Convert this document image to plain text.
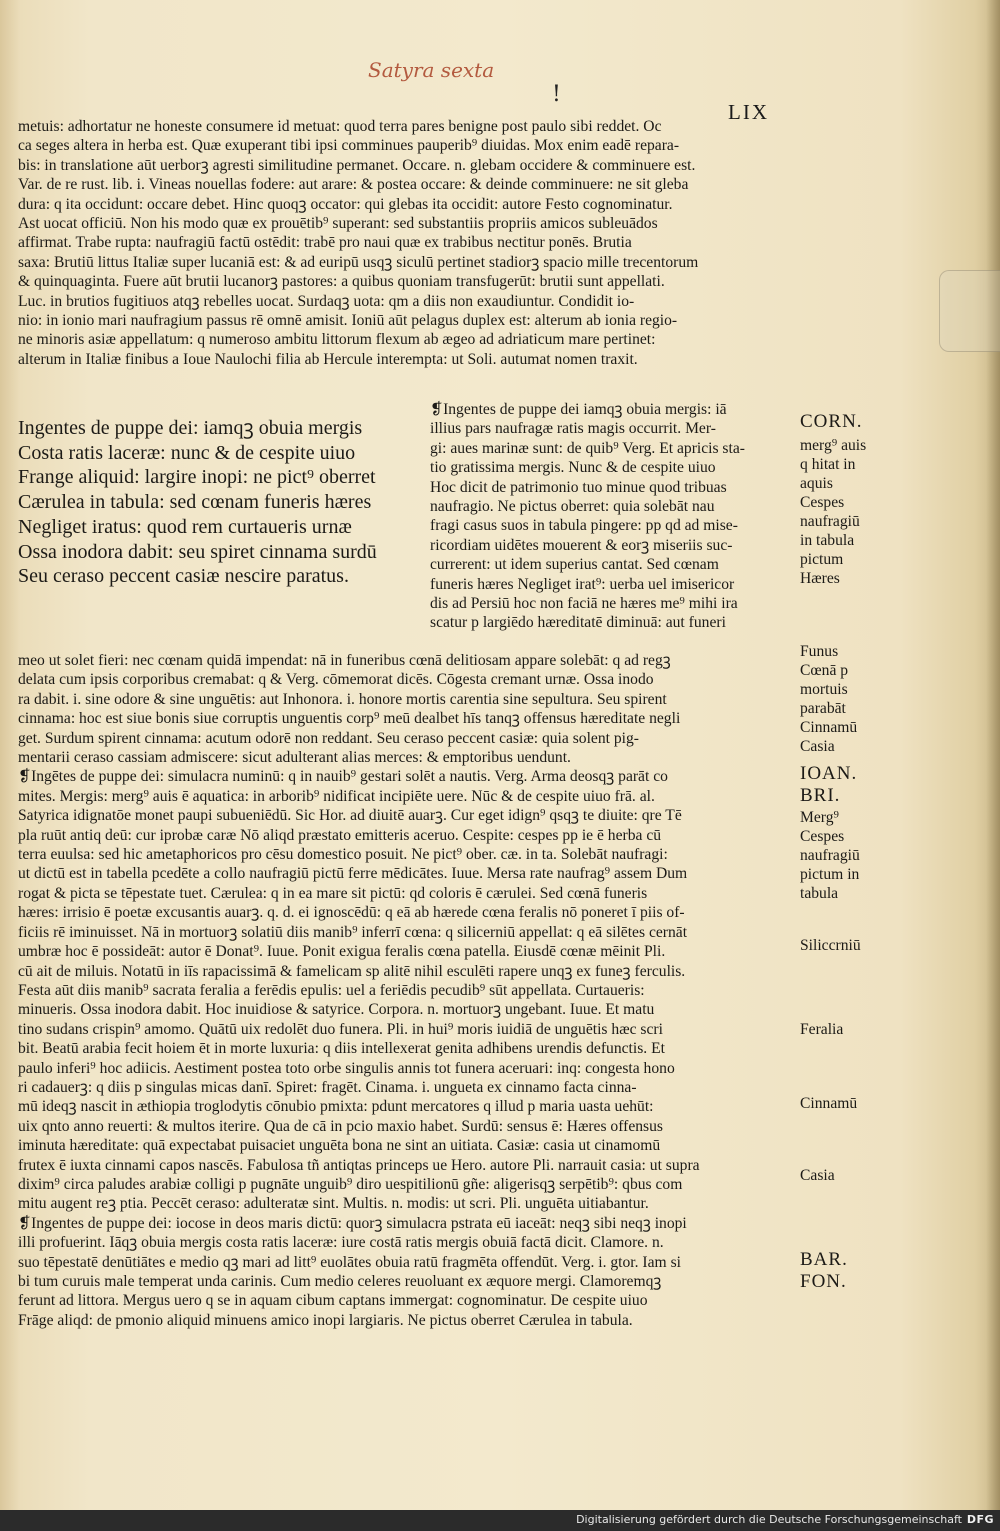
Satyra sexta
!
LIX
metuis: adhortatur ne honeste consumere id metuat: quod terra pares benigne post paulo sibi reddet. Oc
ca seges altera in herba est. Quæ exuperant tibi ipsi comminues pauperib⁹ diuidas. Mox enim eadē repara-
bis: in translatione aūt uerborꝫ agresti similitudine permanet. Occare. n. glebam occidere & comminuere est.
Var. de re rust. lib. i. Vineas nouellas fodere: aut arare: & postea occare: & deinde comminuere: ne sit gleba
dura: q ita occidunt: occare debet. Hinc quoqꝫ occator: qui glebas ita occidit: autore Festo cognominatur.
Ast uocat officiū. Non his modo quæ ex prouētib⁹ superant: sed substantiis propriis amicos subleuādos
affirmat. Trabe rupta: naufragiū factū ostēdit: trabē pro naui quæ ex trabibus nectitur ponēs. Brutia
saxa: Brutiū littus Italiæ super lucaniā est: & ad euripū usqꝫ siculū pertinet stadiorꝫ spacio mille trecentorum
& quinquaginta. Fuere aūt brutii lucanorꝫ pastores: a quibus quoniam transfugerūt: brutii sunt appellati.
Luc. in brutios fugitiuos atqꝫ rebelles uocat. Surdaqꝫ uota: qm a diis non exaudiuntur. Condidit io-
nio: in ionio mari naufragium passus rē omnē amisit. Ioniū aūt pelagus duplex est: alterum ab ionia regio-
ne minoris asiæ appellatum: q numeroso ambitu littorum flexum ab ægeo ad adriaticum mare pertinet:
alterum in Italiæ finibus a Ioue Naulochi filia ab Hercule interempta: ut Soli. autumat nomen traxit.
Ingentes de puppe dei: iamqꝫ obuia mergis
Costa ratis laceræ: nunc & de cespite uiuo
Frange aliquid: largire inopi: ne pict⁹ oberret
Cærulea in tabula: sed cœnam funeris hæres
Negliget iratus: quod rem curtaueris urnæ
Ossa inodora dabit: seu spiret cinnama surdū
Seu ceraso peccent casiæ nescire paratus.
❡Ingentes de puppe dei iamqꝫ obuia mergis: iā
illius pars naufragæ ratis magis occurrit. Mer-
gi: aues marinæ sunt: de quib⁹ Verg. Et apricis sta-
tio gratissima mergis. Nunc & de cespite uiuo
Hoc dicit de patrimonio tuo minue quod tribuas
naufragio. Ne pictus oberret: quia solebāt nau
fragi casus suos in tabula pingere: pp qd ad mise-
ricordiam uidētes mouerent & eorꝫ miseriis suc-
currerent: ut idem superius cantat. Sed cœnam
funeris hæres Negliget irat⁹: uerba uel imisericor
dis ad Persiū hoc non faciā ne hæres me⁹ mihi ira
scatur p largiēdo hæreditatē diminuā: aut funeri
meo ut solet fieri: nec cœnam quidā impendat: nā in funeribus cœnā delitiosam appare solebāt: q ad regꝫ
delata cum ipsis corporibus cremabat: q & Verg. cōmemorat dicēs. Cōgesta cremant urnæ. Ossa inodo
ra dabit. i. sine odore & sine unguētis: aut Inhonora. i. honore mortis carentia sine sepultura. Seu spirent
cinnama: hoc est siue bonis siue corruptis unguentis corp⁹ meū dealbet hīs tanqꝫ offensus hæreditate negli
get. Surdum spirent cinnama: acutum odorē non reddant. Seu ceraso peccent casiæ: quia solent pig-
mentarii ceraso cassiam admiscere: sicut adulterant alias merces: & emptoribus uendunt.
❡Ingētes de puppe dei: simulacra numinū: q in nauib⁹ gestari solēt a nautis. Verg. Arma deosqꝫ parāt co
mites. Mergis: merg⁹ auis ē aquatica: in arborib⁹ nidificat incipiēte uere. Nūc & de cespite uiuo frā. al.
Satyrica idignatōe monet paupi subueniēdū. Sic Hor. ad diuitē auarꝫ. Cur eget idign⁹ qsqꝫ te diuite: qre Tē
pla ruūt antiq deū: cur iprobæ caræ Nō aliqd præstato emitteris aceruo. Cespite: cespes pp ie ē herba cū
terra euulsa: sed hic ametaphoricos pro cēsu domestico posuit. Ne pict⁹ ober. cæ. in ta. Solebāt naufragi:
ut dictū est in tabella pcedēte a collo naufragiū pictū ferre mēdicātes. Iuue. Mersa rate naufrag⁹ assem Dum
rogat & picta se tēpestate tuet. Cærulea: q in ea mare sit pictū: qd coloris ē cærulei. Sed cœnā funeris
hæres: irrisio ē poetæ excusantis auarꝫ. q. d. ei ignoscēdū: q eā ab hærede cœna feralis nō poneret ī piis of-
ficiis rē iminuisset. Nā in mortuorꝫ solatiū diis manib⁹ inferrī cœna: q silicerniū appellat: q eā silētes cernāt
umbræ hoc ē possideāt: autor ē Donat⁹. Iuue. Ponit exigua feralis cœna patella. Eiusdē cœnæ mēinit Pli.
cū ait de miluis. Notatū in iīs rapacissimā & famelicam sp alitē nihil esculēti rapere unqꝫ ex funeꝫ ferculis.
Festa aūt diis manib⁹ sacrata feralia a ferēdis epulis: uel a feriēdis pecudib⁹ sūt appellata. Curtaueris:
minueris. Ossa inodora dabit. Hoc inuidiose & satyrice. Corpora. n. mortuorꝫ ungebant. Iuue. Et matu
tino sudans crispin⁹ amomo. Quātū uix redolēt duo funera. Pli. in hui⁹ moris iuidiā de unguētis hæc scri
bit. Beatū arabia fecit hoiem ēt in morte luxuria: q diis intellexerat genita adhibens urendis defunctis. Et
paulo inferi⁹ hoc adiicis. Aestiment postea toto orbe singulis annis tot funera aceruari: inq: congesta hono
ri cadauerꝫ: q diis p singulas micas danī. Spiret: fragēt. Cinama. i. ungueta ex cinnamo facta cinna-
mū ideqꝫ nascit in æthiopia troglodytis cōnubio pmixta: pdunt mercatores q illud p maria uasta uehūt:
uix qnto anno reuerti: & multos iterire. Qua de cā in pcio maxio habet. Surdū: sensus ē: Hæres offensus
iminuta hæreditate: quā expectabat puisaciet unguēta bona ne sint an uitiata. Casiæ: casia ut cinamomū
frutex ē iuxta cinnami capos nascēs. Fabulosa tñ antiqtas princeps ue Hero. autore Pli. narrauit casia: ut supra
dixim⁹ circa paludes arabiæ colligi p pugnāte unguib⁹ diro uespitilionū gñe: aligerisqꝫ serpētib⁹: qbus com
mitu augent reꝫ ptia. Peccēt ceraso: adulteratæ sint. Multis. n. modis: ut scri. Pli. unguēta uitiabantur.
❡Ingentes de puppe dei: iocose in deos maris dictū: quorꝫ simulacra pstrata eū iaceāt: neqꝫ sibi neqꝫ inopi
illi profuerint. Iāqꝫ obuia mergis costa ratis laceræ: iure costā ratis mergis obuiā factā dicit. Clamore. n.
suo tēpestatē denūtiātes e medio qꝫ mari ad litt⁹ euolātes obuia ratū fragmēta offendūt. Verg. i. gtor. Iam si
bi tum curuis male temperat unda carinis. Cum medio celeres reuoluant ex æquore mergi. Clamoremqꝫ
ferunt ad littora. Mergus uero q se in aquam cibum captans immergat: cognominatur. De cespite uiuo
Frāge aliqd: de pmonio aliquid minuens amico inopi largiaris. Ne pictus oberret Cærulea in tabula.
CORN.
merg⁹ auis
q hitat in
aquis
Cespes
naufragiū
in tabula
pictum
Hæres
Funus
Cœnā p
mortuis
parabāt
Cinnamū
Casia
IOAN.
BRI.
Merg⁹
Cespes
naufragiū
pictum in
tabula
Siliccrniū
Feralia
Cinnamū
Casia
BAR.
FON.
Digitalisierung gefördert durch die Deutsche Forschungsgemeinschaft DFG
